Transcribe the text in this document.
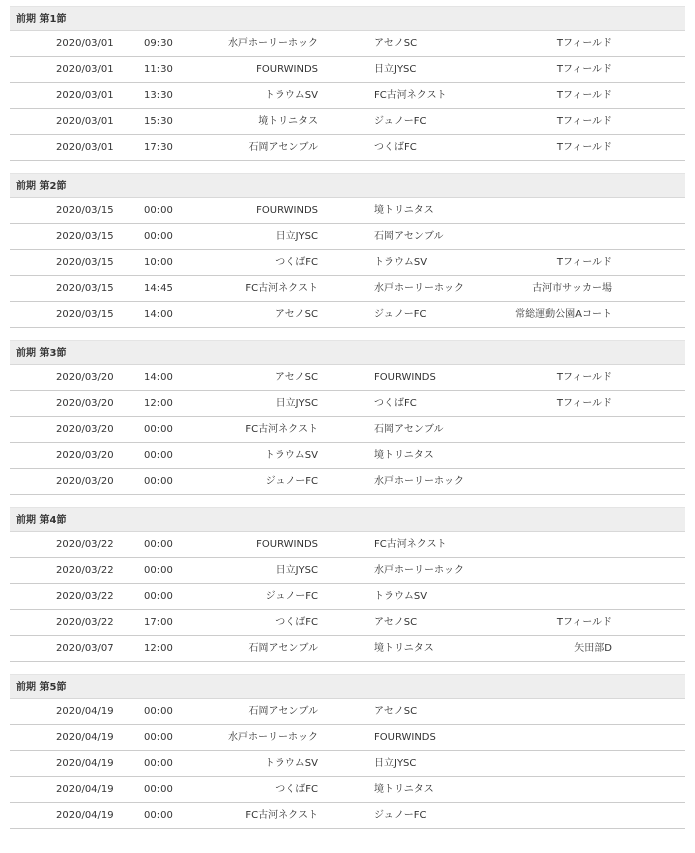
前期 第1節
2020/03/01	09:30	水戸ホーリーホック	アセノSC	Tフィールド
2020/03/01	11:30	FOURWINDS	日立JYSC	Tフィールド
2020/03/01	13:30	トラウムSV	FC古河ネクスト	Tフィールド
2020/03/01	15:30	境トリニタス	ジュノーFC	Tフィールド
2020/03/01	17:30	石岡アセンブル	つくばFC	Tフィールド
前期 第2節
2020/03/15	00:00	FOURWINDS	境トリニタス
2020/03/15	00:00	日立JYSC	石岡アセンブル
2020/03/15	10:00	つくばFC	トラウムSV	Tフィールド
2020/03/15	14:45	FC古河ネクスト	水戸ホーリーホック	古河市サッカー場
2020/03/15	14:00	アセノSC	ジュノーFC	常総運動公園Aコート
前期 第3節
2020/03/20	14:00	アセノSC	FOURWINDS	Tフィールド
2020/03/20	12:00	日立JYSC	つくばFC	Tフィールド
2020/03/20	00:00	FC古河ネクスト	石岡アセンブル
2020/03/20	00:00	トラウムSV	境トリニタス
2020/03/20	00:00	ジュノーFC	水戸ホーリーホック
前期 第4節
2020/03/22	00:00	FOURWINDS	FC古河ネクスト
2020/03/22	00:00	日立JYSC	水戸ホーリーホック
2020/03/22	00:00	ジュノーFC	トラウムSV
2020/03/22	17:00	つくばFC	アセノSC	Tフィールド
2020/03/07	12:00	石岡アセンブル	境トリニタス	矢田部D
前期 第5節
2020/04/19	00:00	石岡アセンブル	アセノSC
2020/04/19	00:00	水戸ホーリーホック	FOURWINDS
2020/04/19	00:00	トラウムSV	日立JYSC
2020/04/19	00:00	つくばFC	境トリニタス
2020/04/19	00:00	FC古河ネクスト	ジュノーFC
